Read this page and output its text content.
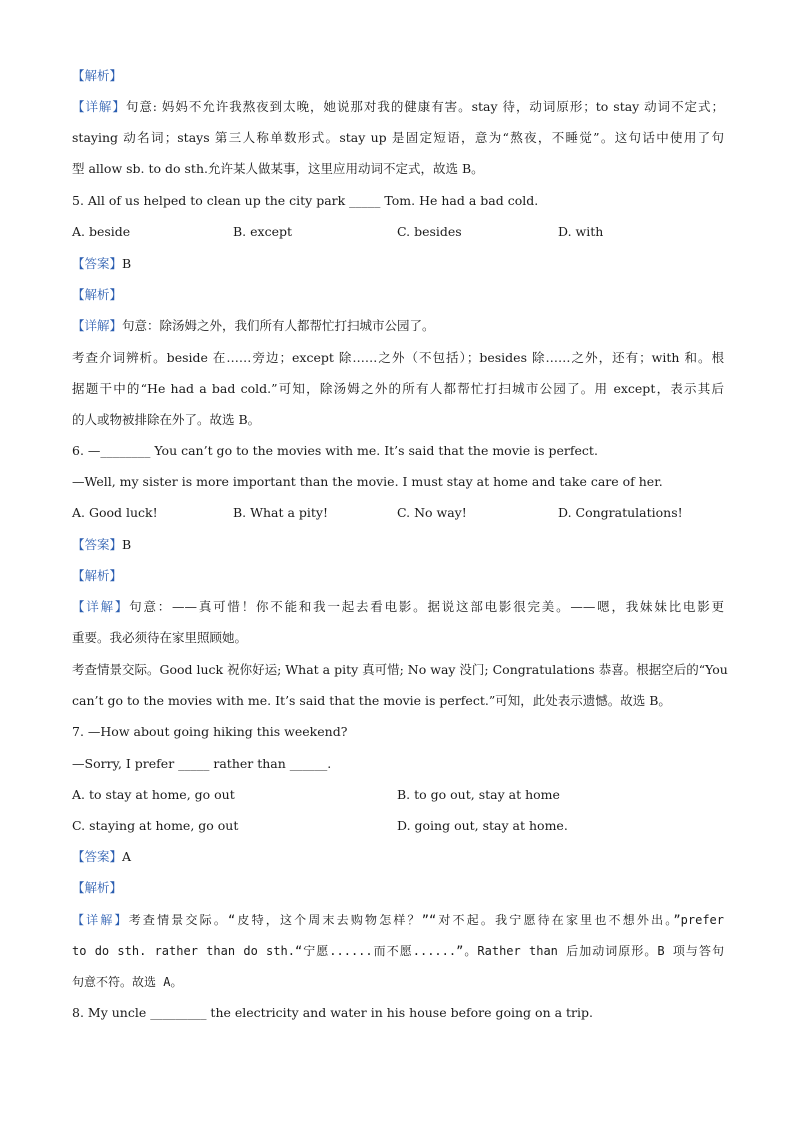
【解析】
【详解】句意: 妈妈不允许我熬夜到太晚，她说那对我的健康有害。stay 待，动词原形；to stay 动词不定式；
staying 动名词；stays 第三人称单数形式。stay up 是固定短语，意为“熬夜，不睡觉”。这句话中使用了句
型 allow sb. to do sth.允许某人做某事，这里应用动词不定式，故选 B。
5. All of us helped to clean up the city park _____ Tom. He had a bad cold.
A. beside	B. except	C. besides	D. with
【答案】B
【解析】
【详解】句意：除汤姆之外，我们所有人都帮忙打扫城市公园了。
考查介词辨析。beside 在……旁边；except 除……之外（不包括）；besides 除……之外，还有；with 和。根
据题干中的“He had a bad cold.”可知，除汤姆之外的所有人都帮忙打扫城市公园了。用 except，表示其后
的人或物被排除在外了。故选 B。
6. —________ You can’t go to the movies with me. It’s said that the movie is perfect.
—Well, my sister is more important than the movie. I must stay at home and take care of her.
A. Good luck!	B. What a pity!	C. No way!	D. Congratulations!
【答案】B
【解析】
【详解】句意：——真可惜！你不能和我一起去看电影。据说这部电影很完美。——嗯，我妹妹比电影更
重要。我必须待在家里照顾她。
考查情景交际。Good luck 祝你好运; What a pity 真可惜; No way 没门; Congratulations 恭喜。根据空后的“You
can’t go to the movies with me. It’s said that the movie is perfect.”可知，此处表示遗憾。故选 B。
7. —How about going hiking this weekend?
—Sorry, I prefer _____ rather than ______.
A. to stay at home, go out	B. to go out, stay at home
C. staying at home, go out	D. going out, stay at home.
【答案】A
【解析】
【详解】考查情景交际。“皮特，这个周末去购物怎样？”“对不起。我宁愿待在家里也不想外出。”prefer
to do sth. rather than do sth.“宁愿......而不愿......”。Rather than 后加动词原形。B 项与答句
句意不符。故选 A。
8. My uncle _________ the electricity and water in his house before going on a trip.
